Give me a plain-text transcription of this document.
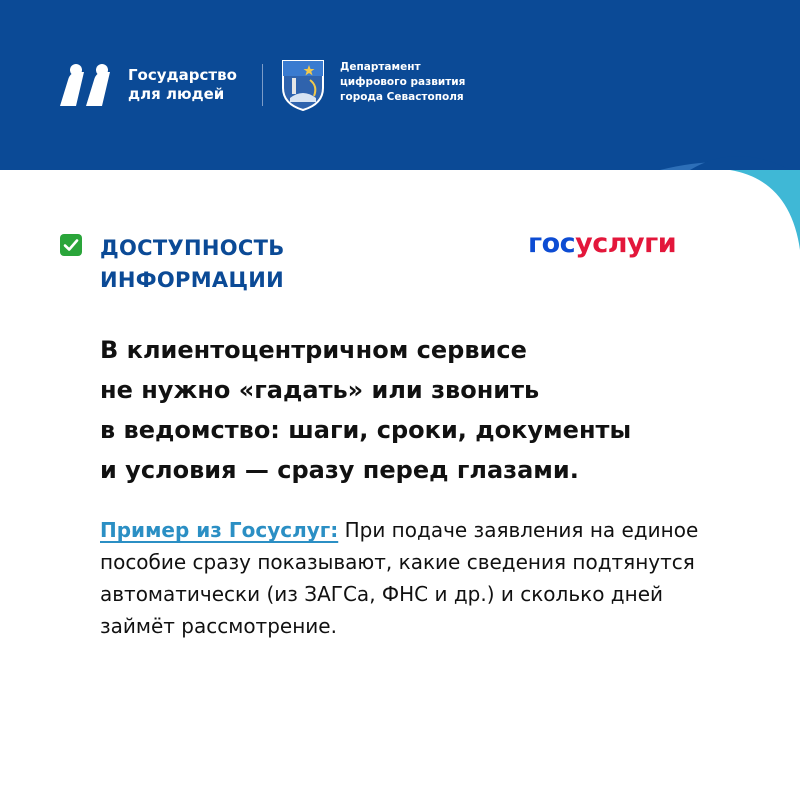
Государство
для людей
Департамент
цифрового развития
города Севастополя
ДОСТУПНОСТЬ
ИНФОРМАЦИИ
госуслуги
В клиентоцентричном сервисе
не нужно «гадать» или звонить
в ведомство: шаги, сроки, документы
и условия — сразу перед глазами.
Пример из Госуслуг: При подаче заявления на единое пособие сразу показывают, какие сведения подтянутся автоматически (из ЗАГСа, ФНС и др.) и сколько дней займёт рассмотрение.
